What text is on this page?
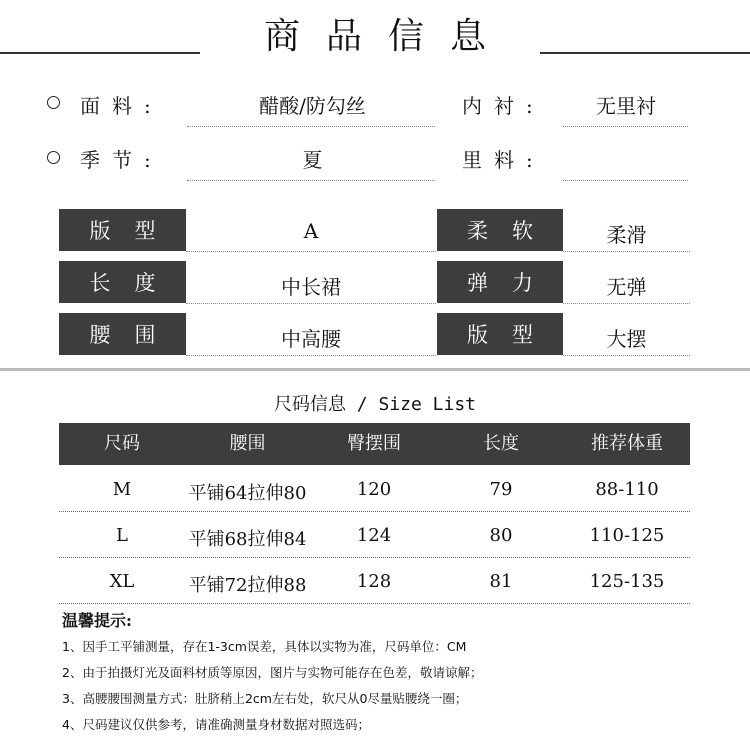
商品信息
面料:	醋酸/防勾丝	内衬:	无里衬
季节:	夏	里料:
版型	A	柔软	柔滑
长度	中长裙	弹力	无弹
腰围	中高腰	版型	大摆
尺码信息 / Size List
尺码	腰围	臀摆围	长度	推荐体重
M	平铺64拉伸80	120	79	88-110
L	平铺68拉伸84	124	80	110-125
XL	平铺72拉伸88	128	81	125-135
温馨提示:
1、因手工平铺测量，存在1-3cm误差，具体以实物为准，尺码单位：CM
2、由于拍摄灯光及面料材质等原因，图片与实物可能存在色差，敬请谅解；
3、高腰腰围测量方式：肚脐稍上2cm左右处，软尺从0尽量贴腰绕一圈；
4、尺码建议仅供参考，请准确测量身材数据对照选码；
